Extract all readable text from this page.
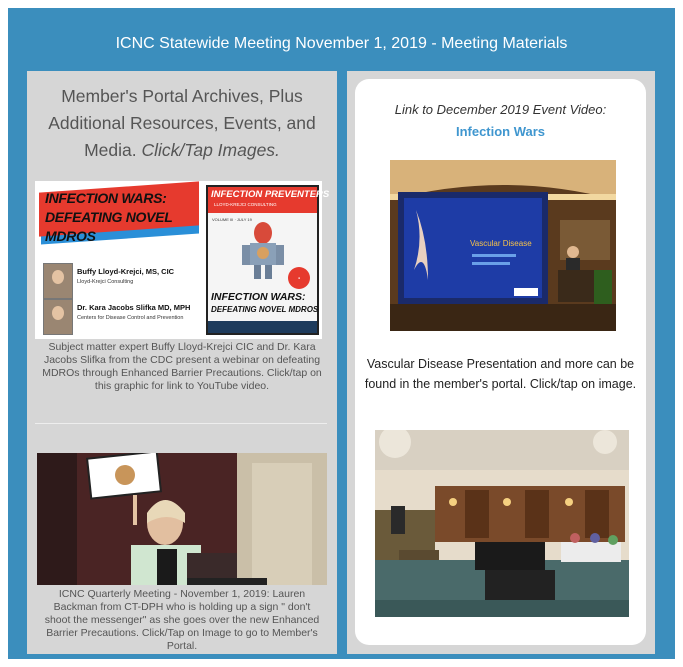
ICNC Statewide Meeting November 1, 2019 - Meeting Materials
Member's Portal Archives, Plus Additional Resources, Events, and Media. Click/Tap Images.
INFECTION WARS:
DEFEATING NOVEL MDROS
Buffy Lloyd-Krejci, MS, CIC
Lloyd-Krejci Consulting
Dr. Kara Jacobs Slifka MD, MPH
Centers for Disease Control and Prevention
INFECTION PREVENTERS
LLOYD-KREJCI CONSULTING
VOLUME III · JULY 19
●
INFECTION WARS:
DEFEATING NOVEL MDROS
Subject matter expert Buffy Lloyd-Krejci CIC and Dr. Kara Jacobs Slifka from the CDC present a webinar on defeating MDROs through Enhanced Barrier Precautions. Click/tap on this graphic for link to YouTube video.
ICNC Quarterly Meeting - November 1, 2019: Lauren Backman from CT-DPH who is holding up a sign " don't shoot the messenger" as she goes over the new Enhanced Barrier Precautions. Click/Tap on Image to go to Member's Portal.
Link to December 2019 Event Video:
Infection Wars
Vascular Disease
Vascular Disease Presentation and more can be found in the member's portal. Click/tap on image.
